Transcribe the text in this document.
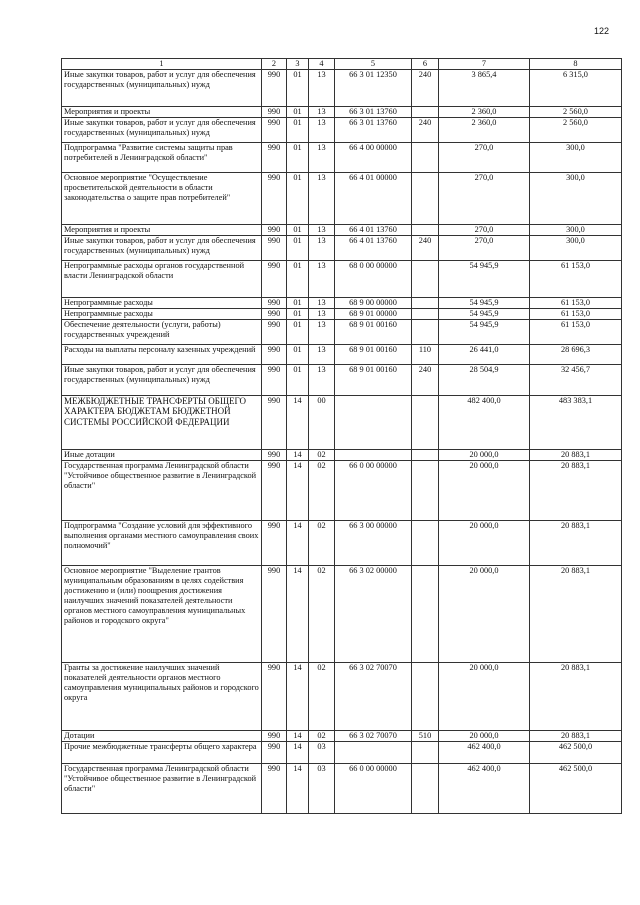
122
1	2	3	4	5	6	7	8
Иные закупки товаров, работ и услуг для обеспечения государственных (муниципальных) нужд	990	01	13	66 3 01 12350	240	3 865,4	6 315,0
Мероприятия и проекты	990	01	13	66 3 01 13760		2 360,0	2 560,0
Иные закупки товаров, работ и услуг для обеспечения государственных (муниципальных) нужд	990	01	13	66 3 01 13760	240	2 360,0	2 560,0
Подпрограмма "Развитие системы защиты прав потребителей в Ленинградской области"	990	01	13	66 4 00 00000		270,0	300,0
Основное мероприятие "Осуществление просветительской деятельности в области законодательства о защите прав потребителей"	990	01	13	66 4 01 00000		270,0	300,0
Мероприятия и проекты	990	01	13	66 4 01 13760		270,0	300,0
Иные закупки товаров, работ и услуг для обеспечения государственных (муниципальных) нужд	990	01	13	66 4 01 13760	240	270,0	300,0
Непрограммные расходы органов государственной власти Ленинградской области	990	01	13	68 0 00 00000		54 945,9	61 153,0
Непрограммные расходы	990	01	13	68 9 00 00000		54 945,9	61 153,0
Непрограммные расходы	990	01	13	68 9 01 00000		54 945,9	61 153,0
Обеспечение деятельности (услуги, работы) государственных учреждений	990	01	13	68 9 01 00160		54 945,9	61 153,0
Расходы на выплаты персоналу казенных учреждений	990	01	13	68 9 01 00160	110	26 441,0	28 696,3
Иные закупки товаров, работ и услуг для обеспечения государственных (муниципальных) нужд	990	01	13	68 9 01 00160	240	28 504,9	32 456,7
МЕЖБЮДЖЕТНЫЕ ТРАНСФЕРТЫ ОБЩЕГО ХАРАКТЕРА БЮДЖЕТАМ БЮДЖЕТНОЙ СИСТЕМЫ РОССИЙСКОЙ ФЕДЕРАЦИИ	990	14	00			482 400,0	483 383,1
Иные дотации	990	14	02			20 000,0	20 883,1
Государственная программа Ленинградской области "Устойчивое общественное развитие в Ленинградской области"	990	14	02	66 0 00 00000		20 000,0	20 883,1
Подпрограмма "Создание условий для эффективного выполнения органами местного самоуправления своих полномочий"	990	14	02	66 3 00 00000		20 000,0	20 883,1
Основное мероприятие "Выделение грантов муниципальным образованиям в целях содействия достижению и (или) поощрения достижения наилучших значений показателей деятельности органов местного самоуправления муниципальных районов и городского округа"	990	14	02	66 3 02 00000		20 000,0	20 883,1
Гранты за достижение наилучших значений показателей деятельности органов местного самоуправления муниципальных районов и городского округа	990	14	02	66 3 02 70070		20 000,0	20 883,1
Дотации	990	14	02	66 3 02 70070	510	20 000,0	20 883,1
Прочие межбюджетные трансферты общего характера	990	14	03			462 400,0	462 500,0
Государственная программа Ленинградской области "Устойчивое общественное развитие в Ленинградской области"	990	14	03	66 0 00 00000		462 400,0	462 500,0
